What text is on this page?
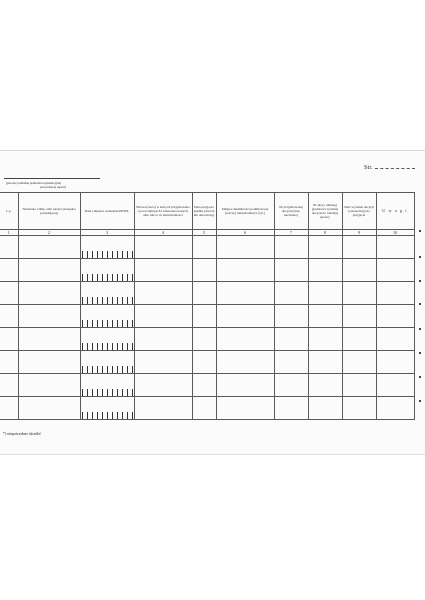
Str.
(pieczęć podłużna jednostki organizacyjnej
prowadzącej rejestr)
L.p.	Nazwisko i imię, albo nazwa (zarządca posiadającej)	Data i miejsce urodzenia PESEL	Nazwa (rzecz) w których przyjmowano i pod rodzinnych i zakwaterowanych, albo ulica i nr nieruchomości	Data przyjęcia spadku (dwóch lub darowizny)	Miejsce działalności podmiotowej (rzeczy) nieruchomości (cyt.)	Nr przyjmowanej decyzji (data, nazwisko)	Nr akt (o zmianę) (podstawa wydania decyzji do rodziny) sprawy	Data wydania decyzji (ostatecznej) do przyjęcia	U w a g i
1	2	3	4	5	6	7	8	9	10

*) niepotrzebne skreślić
